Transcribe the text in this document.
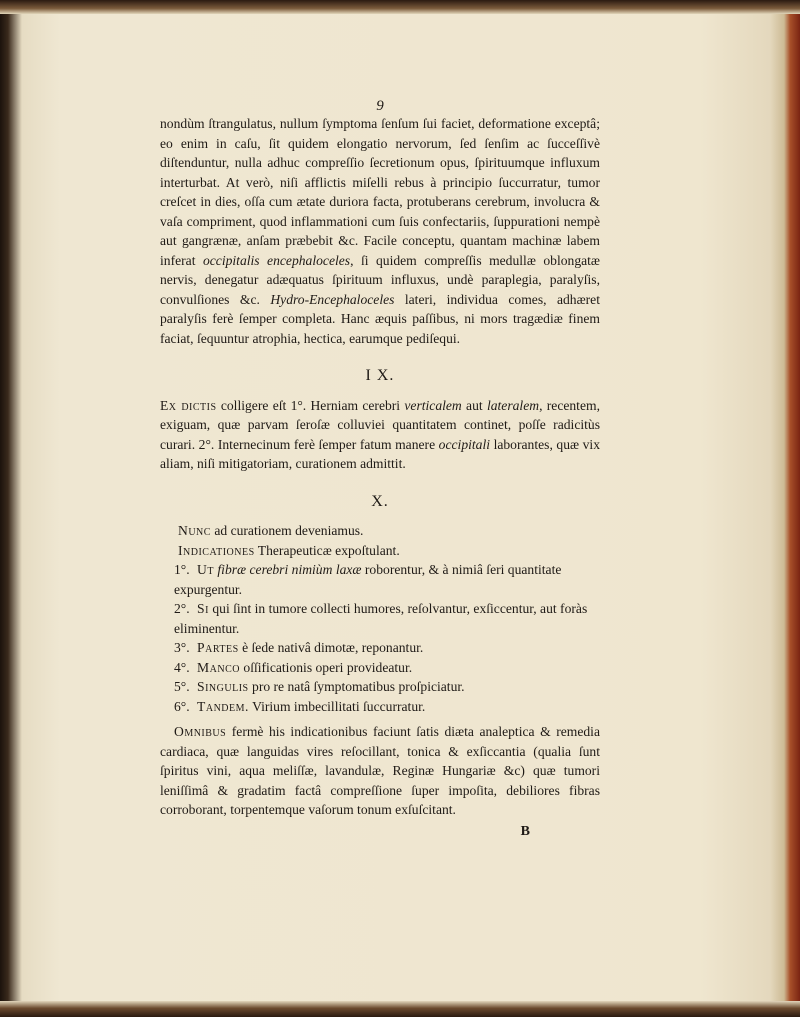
9

nondùm ſtrangulatus, nullum ſymptoma ſenſum ſui faciet, deformatione exceptâ; eo enim in caſu, ſit quidem elongatio nervorum, ſed ſenſim ac ſucceſſivè diſtenduntur, nulla adhuc compreſſio ſecretionum opus, ſpirituumque influxum interturbat. At verò, niſi afflictis miſelli rebus à principio ſuccurratur, tumor creſcet in dies, oſſa cum ætate duriora facta, protuberans cerebrum, involucra & vaſa compriment, quod inflammationi cum ſuis confectariis, ſuppurationi nempè aut gangrænæ, anſam præbebit &c. Facile conceptu, quantam machinæ labem inferat occipitalis encephaloceles, ſi quidem compreſſis medullæ oblongatæ nervis, denegatur adæquatus ſpirituum influxus, undè paraplegia, paralyſis, convulſiones &c. Hydro-Encephaloceles lateri, individua comes, adhæret paralyſis ferè ſemper completa. Hanc æquis paſſibus, ni mors tragædiæ finem faciat, ſequuntur atrophia, hectica, earumque pediſequi.

I X.

Ex dictis colligere eſt 1°. Herniam cerebri verticalem aut lateralem, recentem, exiguam, quæ parvam ſeroſæ colluviei quantitatem continet, poſſe radicitùs curari. 2°. Internecinum ferè ſemper fatum manere occipitali laborantes, quæ vix aliam, niſi mitigatoriam, curationem admittit.

X.

Nunc ad curationem deveniamus.

Indicationes Therapeuticæ expoſtulant.

1°. Ut fibræ cerebri nimiùm laxæ roborentur, & à nimiâ ſeri quantitate expurgentur.

2°. Si qui ſint in tumore collecti humores, reſolvantur, exſiccentur, aut foràs eliminentur.

3°. Partes è ſede nativâ dimotæ, reponantur.

4°. Manco oſſificationis operi provideatur.

5°. Singulis pro re natâ ſymptomatibus proſpiciatur.

6°. Tandem. Virium imbecillitati ſuccurratur.

Omnibus fermè his indicationibus faciunt ſatis diæta analeptica & remedia cardiaca, quæ languidas vires reſocillant, tonica & exſiccantia (qualia ſunt ſpiritus vini, aqua meliſſæ, lavandulæ, Reginæ Hungariæ &c) quæ tumori leniſſimâ & gradatim factâ compreſſione ſuper impoſita, debiliores fibras corroborant, torpentemque vaſorum tonum exſuſcitant.

B
